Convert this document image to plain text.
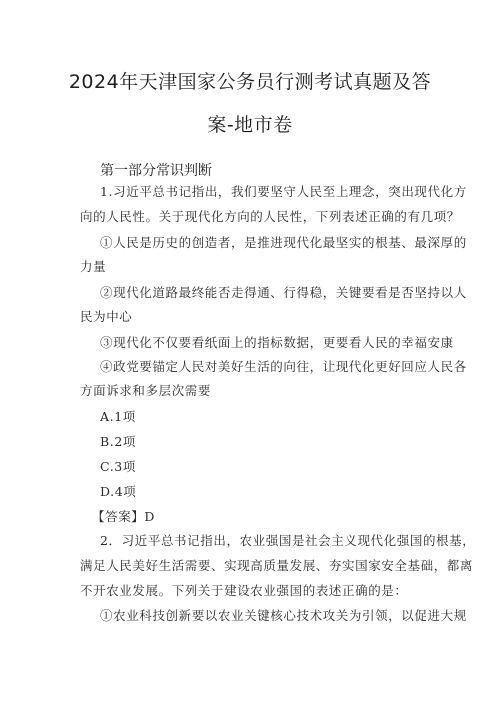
2024年天津国家公务员行测考试真题及答
案-地市卷
第一部分常识判断
1.习近平总书记指出，我们要坚守人民至上理念，突出现代化方
向的人民性。关于现代化方向的人民性，下列表述正确的有几项？
①人民是历史的创造者，是推进现代化最坚实的根基、最深厚的
力量
②现代化道路最终能否走得通、行得稳，关键要看是否坚持以人
民为中心
③现代化不仅要看纸面上的指标数据，更要看人民的幸福安康
④政党要锚定人民对美好生活的向往，让现代化更好回应人民各
方面诉求和多层次需要
A.1项
B.2项
C.3项
D.4项
【答案】D
2．习近平总书记指出，农业强国是社会主义现代化强国的根基，
满足人民美好生活需要、实现高质量发展、夯实国家安全基础，都离
不开农业发展。下列关于建设农业强国的表述正确的是：
①农业科技创新要以农业关键核心技术攻关为引领，以促进大规
